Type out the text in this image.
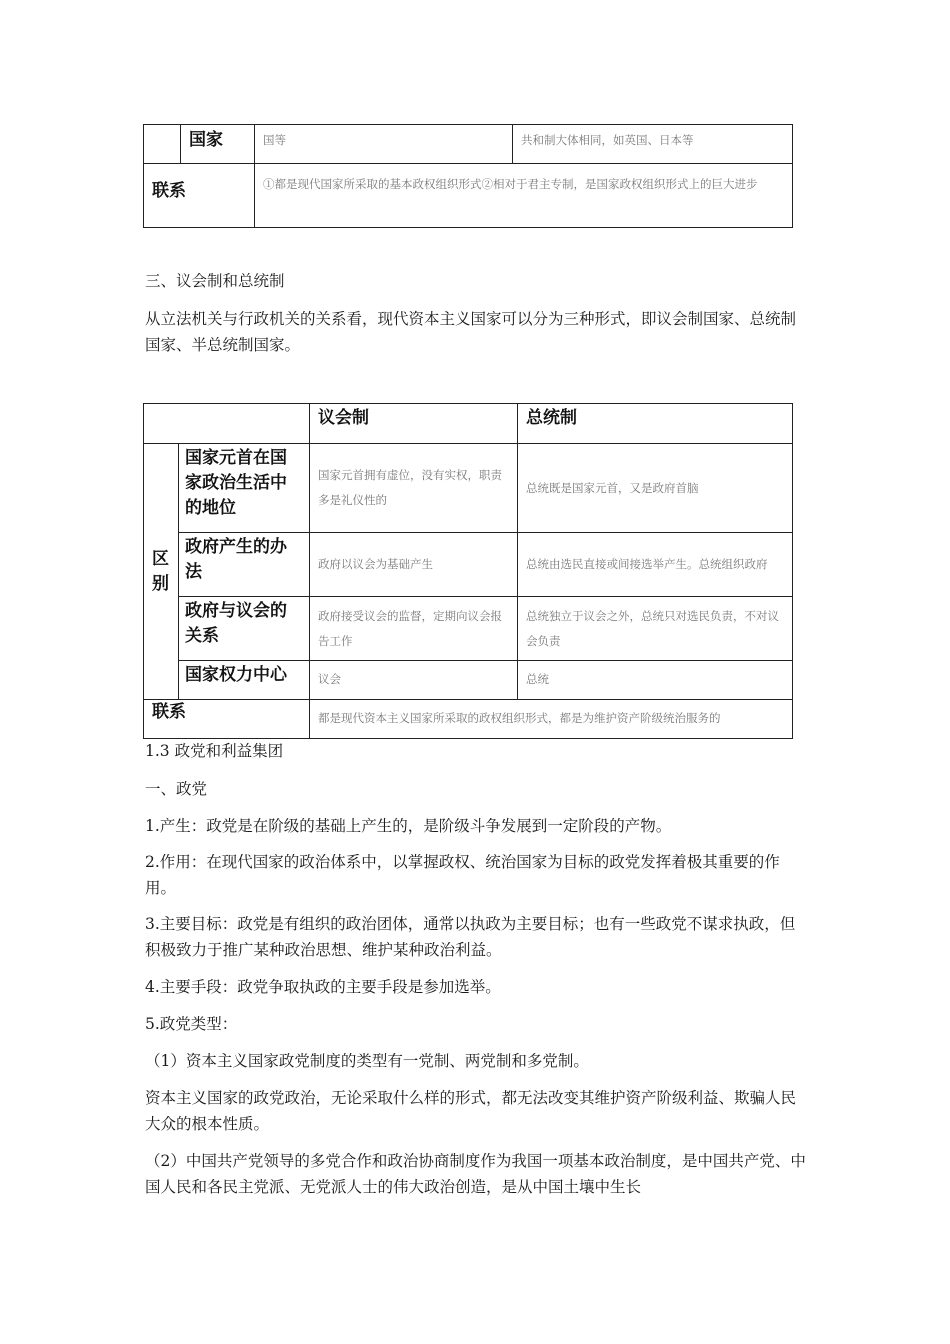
	国家	国等	共和制大体相同，如英国、日本等
联系		①都是现代国家所采取的基本政权组织形式②相对于君主专制，是国家政权组织形式上的巨大进步	

三、议会制和总统制

从立法机关与行政机关的关系看，现代资本主义国家可以分为三种形式，即议会制国家、总统制国家、半总统制国家。

		议会制	总统制
区别	国家元首在国家政治生活中的地位	国家元首拥有虚位，没有实权，职责多是礼仪性的	总统既是国家元首，又是政府首脑
	政府产生的办法	政府以议会为基础产生	总统由选民直接或间接选举产生。总统组织政府
	政府与议会的关系	政府接受议会的监督，定期向议会报告工作	总统独立于议会之外，总统只对选民负责，不对议会负责
	国家权力中心	议会	总统
联系		都是现代资本主义国家所采取的政权组织形式，都是为维护资产阶级统治服务的	

1.3 政党和利益集团

一、政党

1.产生：政党是在阶级的基础上产生的，是阶级斗争发展到一定阶段的产物。

2.作用：在现代国家的政治体系中，以掌握政权、统治国家为目标的政党发挥着极其重要的作用。

3.主要目标：政党是有组织的政治团体，通常以执政为主要目标；也有一些政党不谋求执政，但积极致力于推广某种政治思想、维护某种政治利益。

4.主要手段：政党争取执政的主要手段是参加选举。

5.政党类型：

（1）资本主义国家政党制度的类型有一党制、两党制和多党制。

资本主义国家的政党政治，无论采取什么样的形式，都无法改变其维护资产阶级利益、欺骗人民大众的根本性质。

（2）中国共产党领导的多党合作和政治协商制度作为我国一项基本政治制度，是中国共产党、中国人民和各民主党派、无党派人士的伟大政治创造，是从中国土壤中生长
